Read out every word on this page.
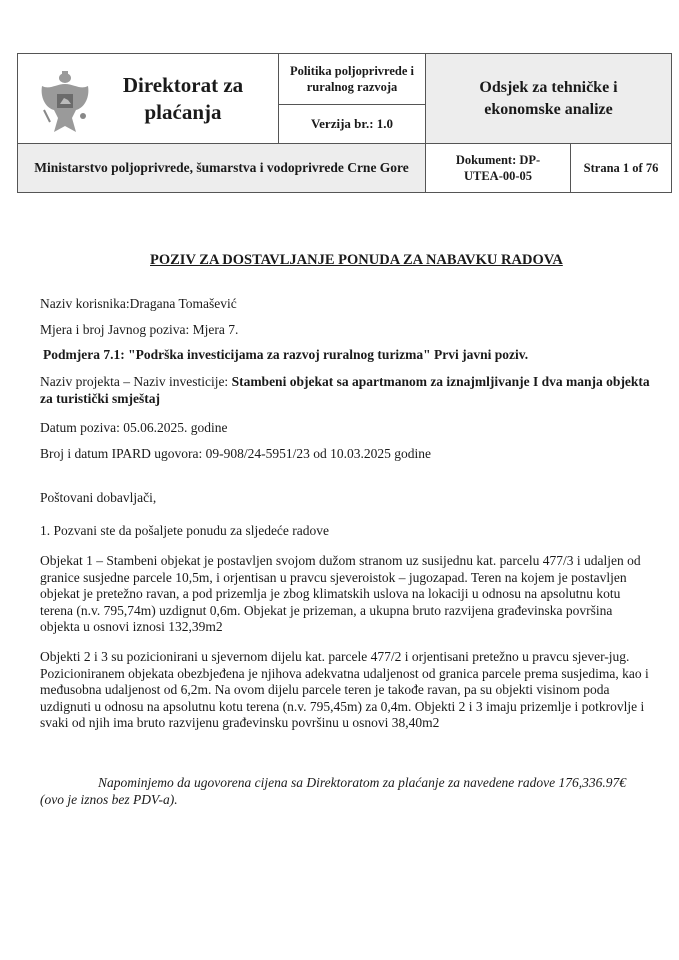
Direktorat za plaćanja
Politika poljoprivrede i ruralnog razvoja
Verzija br.: 1.0
Odsjek za tehničke i ekonomske analize
Ministarstvo poljoprivrede, šumarstva i vodoprivrede Crne Gore	Dokument: DP-UTEA-00-05
Strana 1 of 76
POZIV ZA DOSTAVLJANJE PONUDA ZA NABAVKU RADOVA
Naziv korisnika:Dragana Tomašević
Mjera i broj Javnog poziva: Mjera 7.
Podmjera 7.1: "Podrška investicijama za razvoj ruralnog turizma" Prvi javni poziv.
Naziv projekta – Naziv investicije: Stambeni objekat sa apartmanom za iznajmljivanje I dva manja objekta za turistički smještaj
Datum poziva: 05.06.2025. godine
Broj i datum IPARD ugovora: 09-908/24-5951/23 od 10.03.2025 godine
Poštovani dobavljači,
1. Pozvani ste da pošaljete ponudu za sljedeće radove
Objekat 1 – Stambeni objekat je postavljen svojom dužom stranom uz susijednu kat. parcelu 477/3 i udaljen od granice susjedne parcele 10,5m, i orjentisan u pravcu sjeveroistok – jugozapad. Teren na kojem je postavljen objekat je pretežno ravan, a pod prizemlja je zbog klimatskih uslova na lokaciji u odnosu na apsolutnu kotu terena (n.v. 795,74m) uzdignut 0,6m. Objekat je prizeman, a ukupna bruto razvijena građevinska površina objekta u osnovi iznosi 132,39m2
Objekti 2 i 3 su pozicionirani u sjevernom dijelu kat. parcele 477/2 i orjentisani pretežno u pravcu sjever-jug. Pozicioniranem objekata obezbjeđena je njihova adekvatna udaljenost od granica parcele prema susjedima, kao i međusobna udaljenost od 6,2m. Na ovom dijelu parcele teren je takođe ravan, pa su objekti visinom poda uzdignuti u odnosu na apsolutnu kotu terena (n.v. 795,45m) za 0,4m. Objekti 2 i 3 imaju prizemlje i potkrovlje i svaki od njih ima bruto razvijenu građevinsku površinu u osnovi 38,40m2
Napominjemo da ugovorena cijena sa Direktoratom za plaćanje za navedene radove 176,336.97€ (ovo je iznos bez PDV-a).
